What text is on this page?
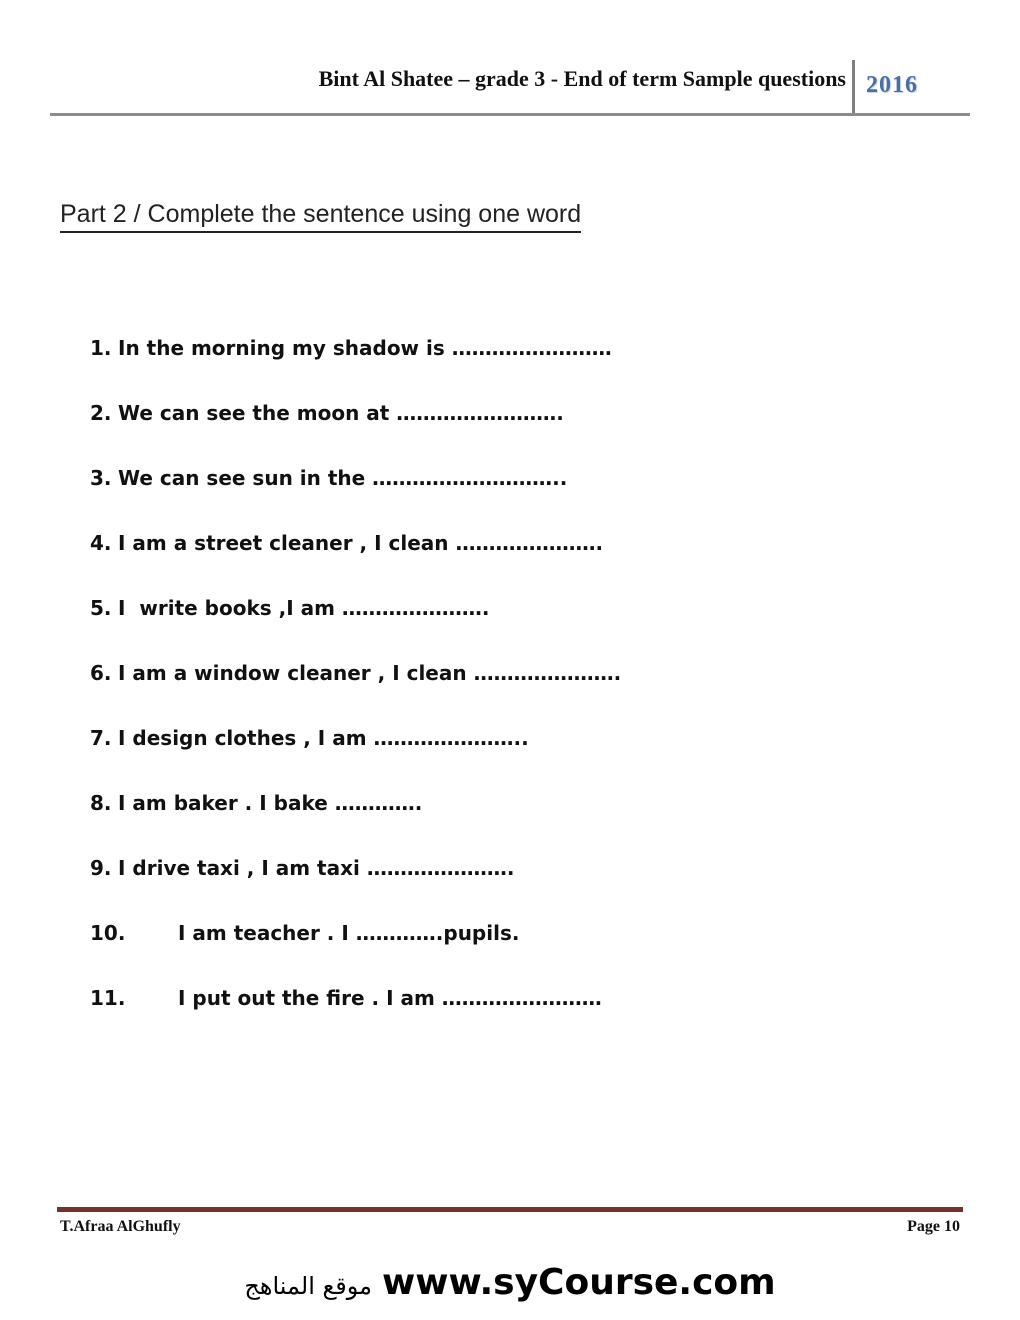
Bint Al Shatee – grade 3 - End of term Sample questions 2016
Part 2 / Complete the sentence using one word
1. In the morning my shadow is ……………………
2. We can see the moon at …………………….
3. We can see sun in the ………………………..
4. I am a street cleaner , I clean ………………….
5. I  write books ,I am ………………….
6. I am a window cleaner , I clean ………………….
7. I design clothes , I am …………………..
8. I am baker . I bake ………….
9. I drive taxi , I am taxi ………………….
10.	I am teacher . I ………….pupils.
11.	I put out the fire . I am ……………………
T.Afraa AlGhufly	Page 10
موقع المناهج www.syCourse.com
